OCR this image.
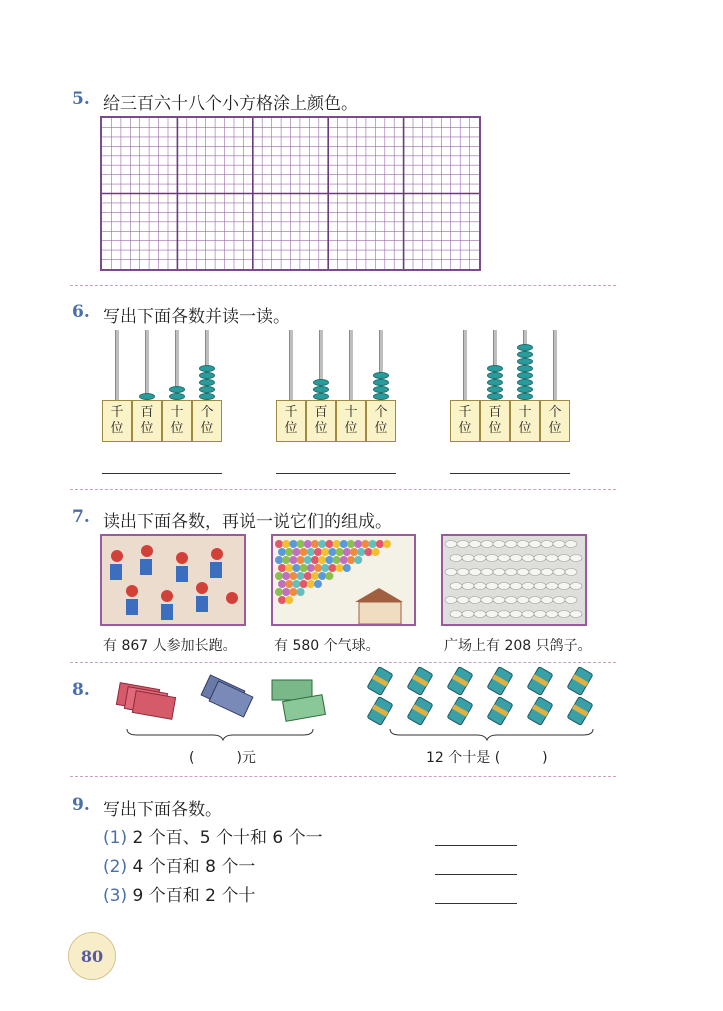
5. 给三百六十八个小方格涂上颜色。
6. 写出下面各数并读一读。
千
位
百
位
十
位
个
位
千
位
百
位
十
位
个
位
千
位
百
位
十
位
个
位
7. 读出下面各数，再说一说它们的组成。
有 867 人参加长跑。	有 580 个气球。	广场上有 208 只鸽子。
8.
(　　　)元	12 个十是 (　　　)
9. 写出下面各数。
(1) 2 个百、5 个十和 6 个一
(2) 4 个百和 8 个一
(3) 9 个百和 2 个十
80
